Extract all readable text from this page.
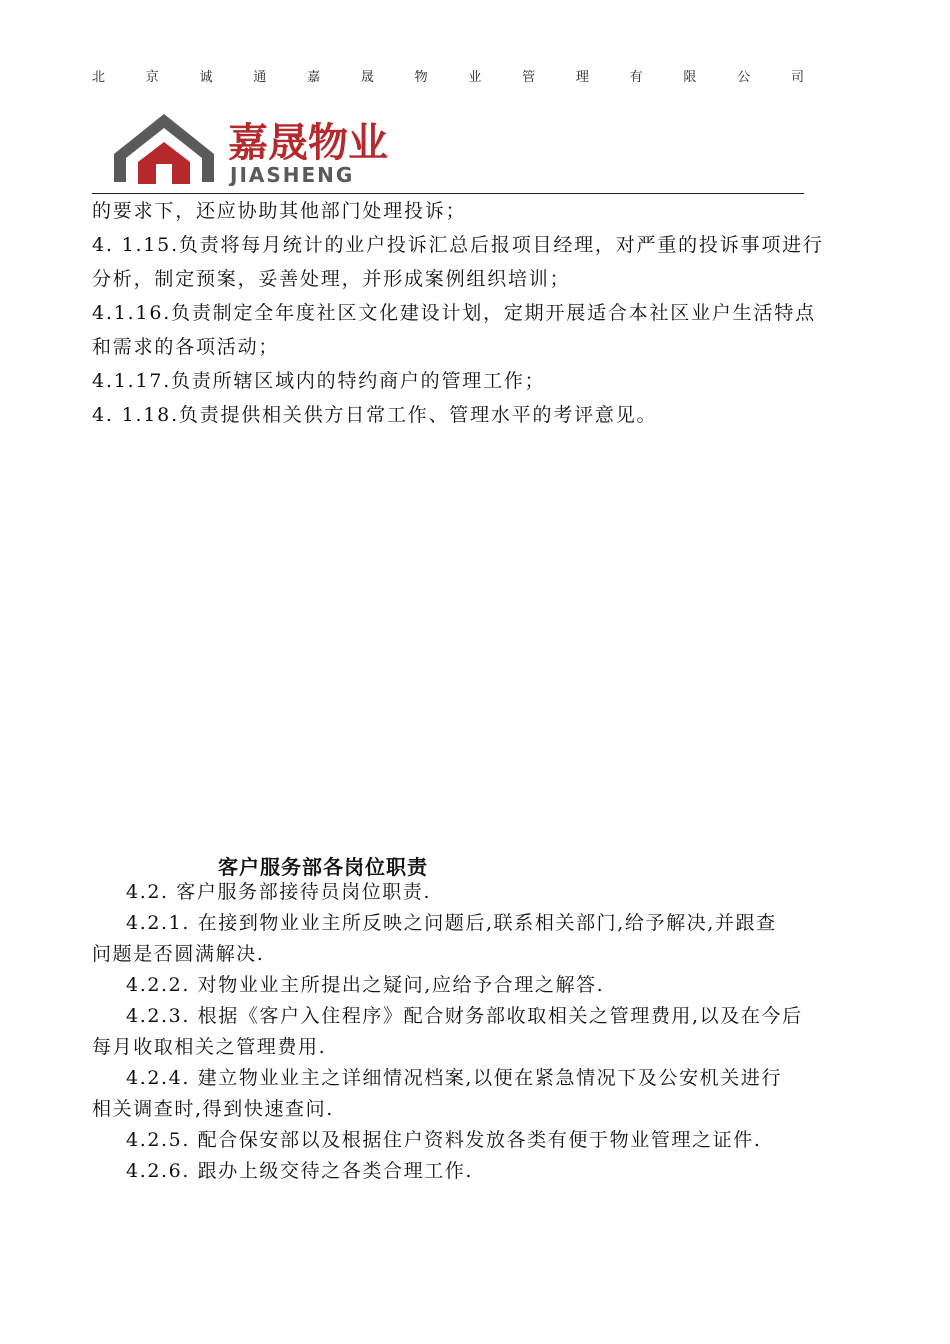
北	京	诚	通	嘉	晟	物	业	管	理	有	限	公	司
嘉晟物业
JIASHENG
的要求下，还应协助其他部门处理投诉；
4. 1.15.负责将每月统计的业户投诉汇总后报项目经理，对严重的投诉事项进行
分析，制定预案，妥善处理，并形成案例组织培训；
4.1.16.负责制定全年度社区文化建设计划，定期开展适合本社区业户生活特点
和需求的各项活动；
4.1.17.负责所辖区域内的特约商户的管理工作；
4. 1.18.负责提供相关供方日常工作、管理水平的考评意见。
客户服务部各岗位职责
4.2. 客户服务部接待员岗位职责.
4.2.1. 在接到物业业主所反映之问题后,联系相关部门,给予解决,并跟查
问题是否圆满解决.
4.2.2. 对物业业主所提出之疑问,应给予合理之解答.
4.2.3. 根据《客户入住程序》配合财务部收取相关之管理费用,以及在今后
每月收取相关之管理费用.
4.2.4. 建立物业业主之详细情况档案,以便在紧急情况下及公安机关进行
相关调查时,得到快速查问.
4.2.5. 配合保安部以及根据住户资料发放各类有便于物业管理之证件.
4.2.6. 跟办上级交待之各类合理工作.
